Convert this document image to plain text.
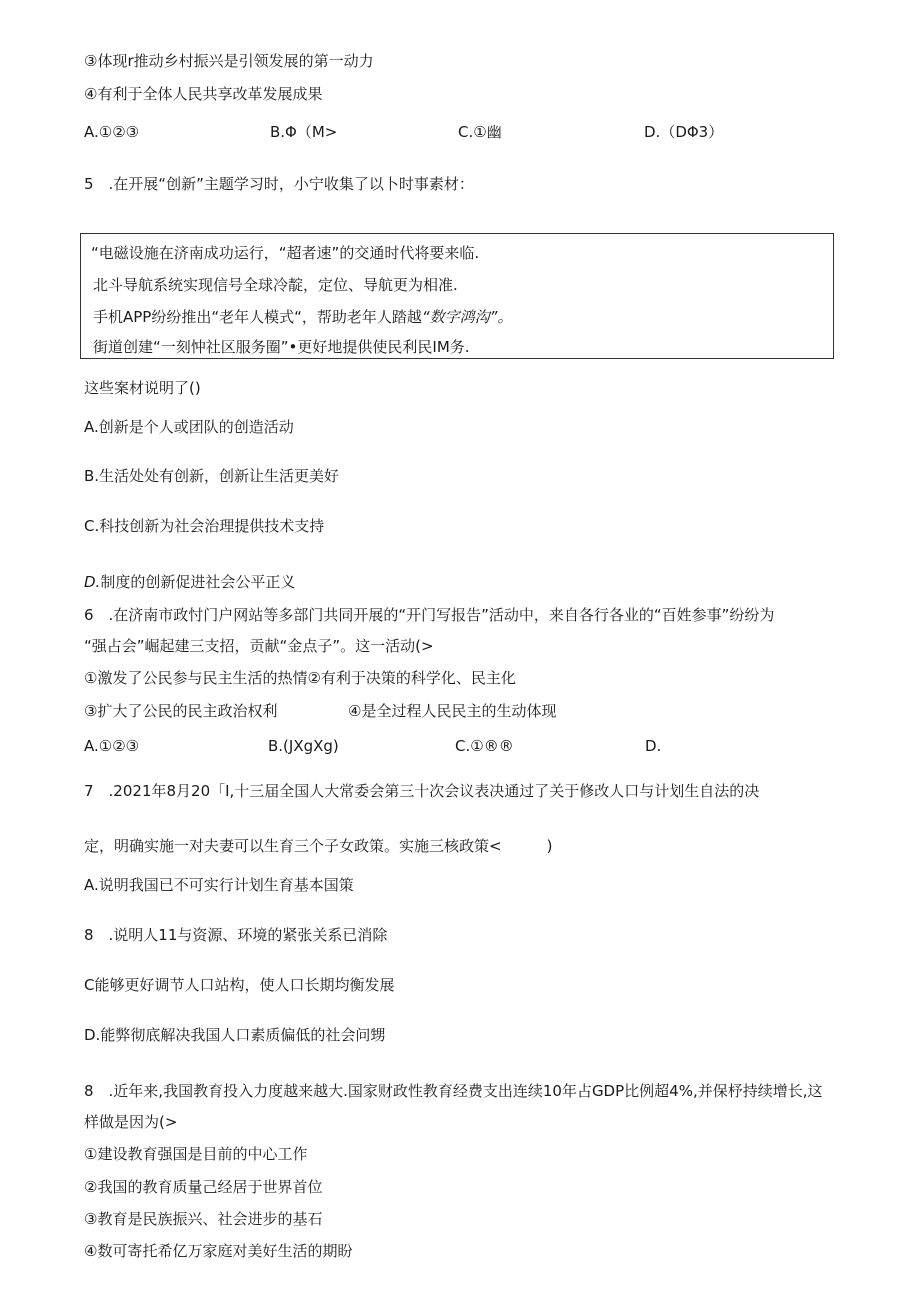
③体现r推动乡村振兴是引领发展的第一动力
④有利于全体人民共享改革发展成果
A.①②③	B.Φ（M>	C.①幽	D.（DΦ3）
5　.在开展“创新”主题学习时，小宁收集了以卜时事素材：
“电磁设施在济南成功运行，“超者速”的交通时代将要来临.
北斗导航系统实现信号全球冷靛，定位、导航更为相准.
手机APP纷纷推出“老年人模式“，帮助老年人踏越“数字鸿沟”。
街道创建“一刻忡社区服务圈”•更好地提供使民利民IM务.
这些案材说明了()
A.创新是个人或团队的创造活动
B.生活处处有创新，创新让生活更美好
C.科技创新为社会治理提供技术支持
D.制度的创新促进社会公平正义
6　.在济南市政忖门户网站等多部门共同开展的“开门写报告”活动中，来自各行各业的“百姓参事”纷纷为
“强占会”崛起建三支招，贡献“金点子”。这一活动(>
①激发了公民参与民主生活的热情②有利于决策的科学化、民主化
③扩大了公民的民主政治权利	④是全过程人民民主的生动体现
A.①②③	B.(JXgXg)	C.①®®	D.
7　.2021年8月20「I,十三届全国人大常委会第三十次会议表决通过了关于修改人口与计划生自法的决
定，明确实施一对夫妻可以生育三个子女政策。实施三核政策<　　　)
A.说明我国已不可实行计划生育基本国策
8　.说明人11与资源、环境的紧张关系已消除
C能够更好调节人口站构，使人口长期均衡发展
D.能弊彻底解决我国人口素质偏低的社会问甥
8　.近年来,我国教育投入力度越来越大.国家财政性教育经费支出连续10年占GDP比例超4%,并保杼持续增长,这
样做是因为(>
①建设教育强国是目前的中心工作
②我国的教育质量己经居于世界首位
③教育是民族振兴、社会进步的基石
④数可寄托希亿万家庭对美好生活的期盼
